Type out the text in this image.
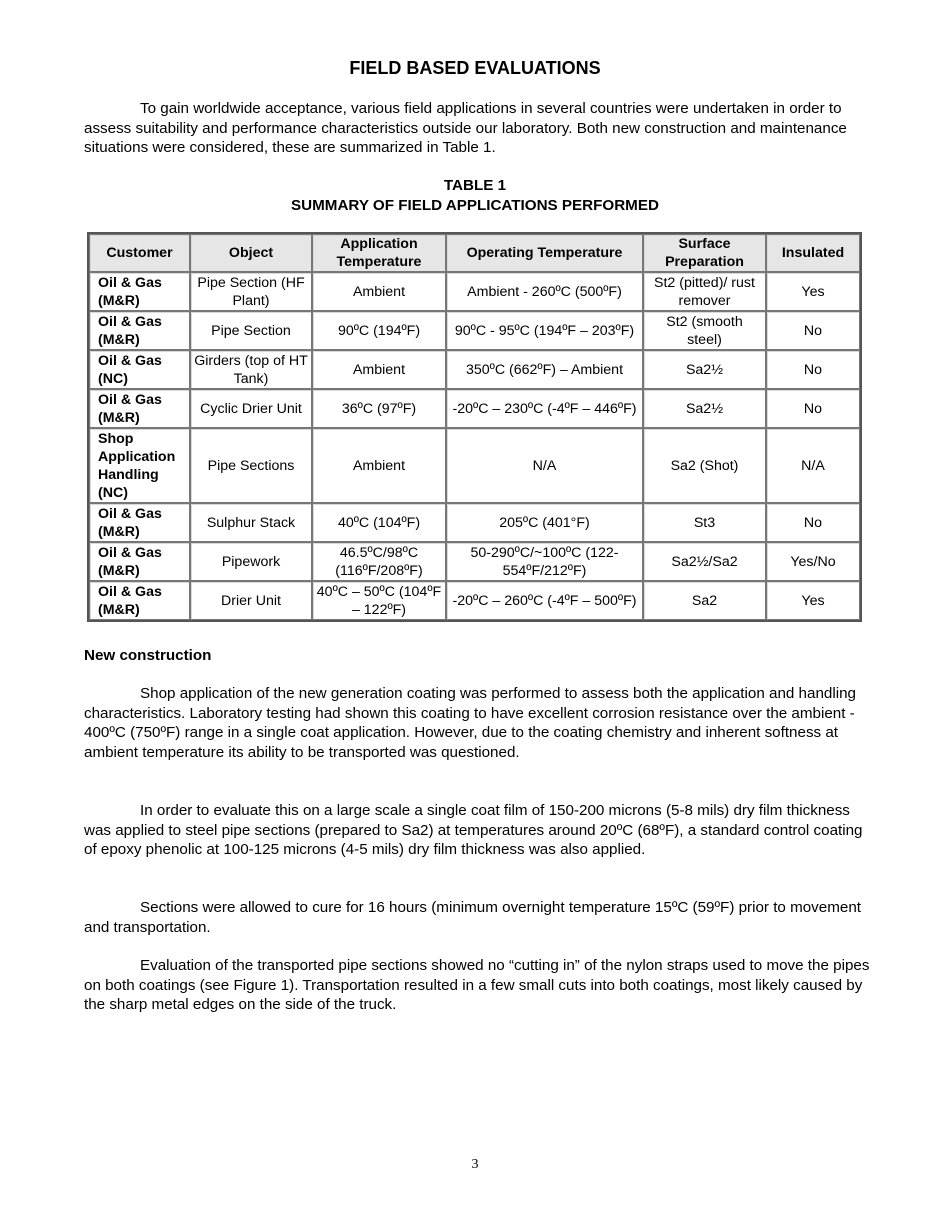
FIELD BASED EVALUATIONS

To gain worldwide acceptance, various field applications in several countries were undertaken in order to assess suitability and performance characteristics outside our laboratory. Both new construction and maintenance situations were considered, these are summarized in Table 1.

TABLE 1
SUMMARY OF FIELD APPLICATIONS PERFORMED
Customer	Object	Application Temperature	Operating Temperature	Surface Preparation	Insulated
Oil & Gas (M&R)	Pipe Section (HF Plant)	Ambient	Ambient - 260ºC (500ºF)	St2 (pitted)/ rust remover	Yes
Oil & Gas (M&R)	Pipe Section	90ºC (194ºF)	90ºC - 95ºC (194ºF – 203ºF)	St2 (smooth steel)	No
Oil & Gas (NC)	Girders (top of HT Tank)	Ambient	350ºC (662ºF) – Ambient	Sa2½	No
Oil & Gas (M&R)	Cyclic Drier Unit	36ºC (97ºF)	-20ºC – 230ºC (-4ºF – 446ºF)	Sa2½	No
Shop Application Handling (NC)	Pipe Sections	Ambient	N/A	Sa2 (Shot)	N/A
Oil & Gas (M&R)	Sulphur Stack	40ºC (104ºF)	205ºC (401°F)	St3	No
Oil & Gas (M&R)	Pipework	46.5ºC/98ºC (116ºF/208ºF)	50-290ºC/~100ºC (122-554ºF/212ºF)	Sa2½/Sa2	Yes/No
Oil & Gas (M&R)	Drier Unit	40ºC – 50ºC (104ºF – 122ºF)	-20ºC – 260ºC (-4ºF – 500ºF)	Sa2	Yes
New construction

Shop application of the new generation coating was performed to assess both the application and handling characteristics. Laboratory testing had shown this coating to have excellent corrosion resistance over the ambient - 400ºC (750ºF) range in a single coat application. However, due to the coating chemistry and inherent softness at ambient temperature its ability to be transported was questioned.

In order to evaluate this on a large scale a single coat film of 150-200 microns (5-8 mils) dry film thickness was applied to steel pipe sections (prepared to Sa2) at temperatures around 20ºC (68ºF), a standard control coating of epoxy phenolic at 100-125 microns (4-5 mils) dry film thickness was also applied.

Sections were allowed to cure for 16 hours (minimum overnight temperature 15ºC (59ºF) prior to movement and transportation.

Evaluation of the transported pipe sections showed no “cutting in” of the nylon straps used to move the pipes on both coatings (see Figure 1). Transportation resulted in a few small cuts into both coatings, most likely caused by the sharp metal edges on the side of the truck.

3
